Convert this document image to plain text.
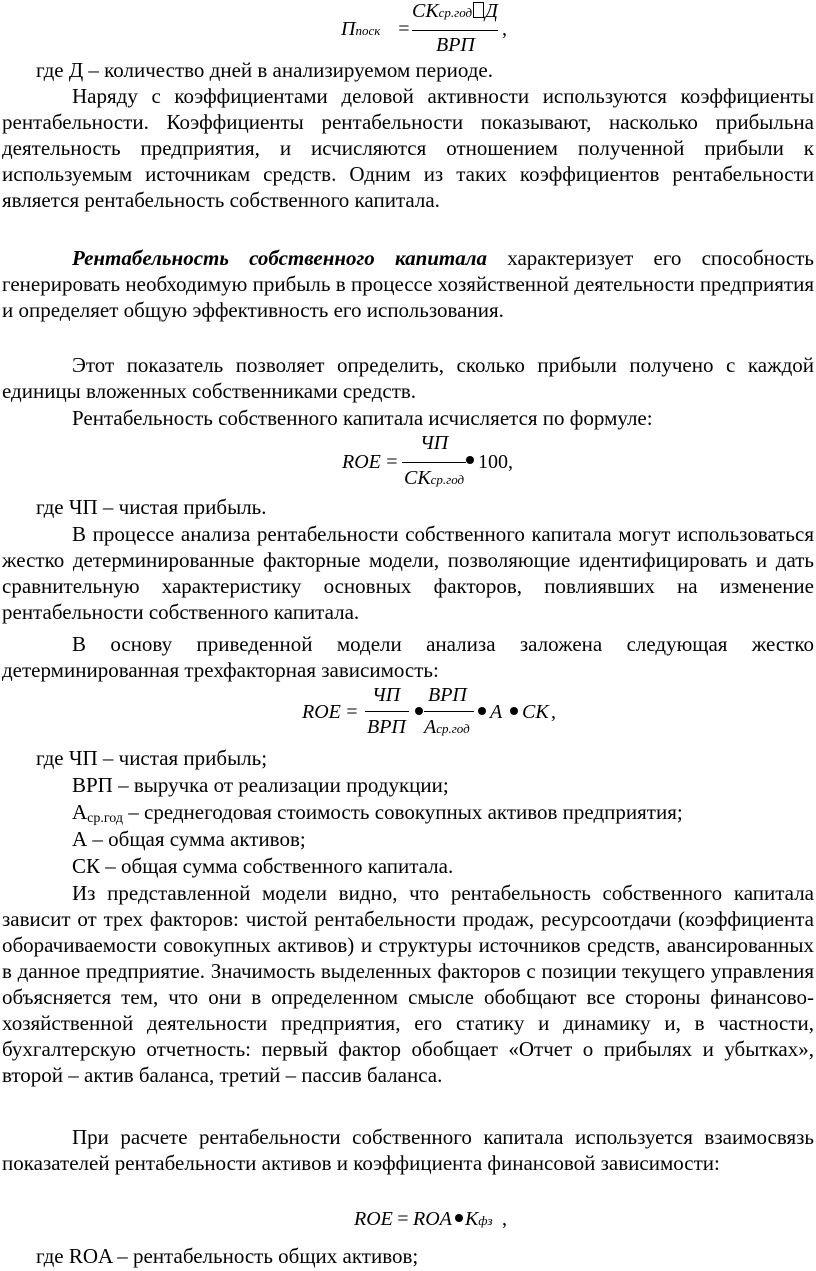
Ппоск =
СКср.год Д
ВРП
,
где Д – количество дней в анализируемом периоде.

Наряду с коэффициентами деловой активности используются коэффициенты рентабельности. Коэффициенты рентабельности показывают, насколько прибыльна деятельность предприятия, и исчисляются отношением полученной прибыли к используемым источникам средств. Одним из таких коэффициентов рентабельности является рентабельность собственного капитала.

Рентабельность собственного капитала характеризует его способность генерировать необходимую прибыль в процессе хозяйственной деятельности предприятия и определяет общую эффективность его использования.

Этот показатель позволяет определить, сколько прибыли получено с каждой единицы вложенных собственниками средств.

Рентабельность собственного капитала исчисляется по формуле:
ROE =
ЧП
СКср.год
100,
где ЧП – чистая прибыль.

В процессе анализа рентабельности собственного капитала могут использоваться жестко детерминированные факторные модели, позволяющие идентифицировать и дать сравнительную характеристику основных факторов, повлиявших на изменение рентабельности собственного капитала.

В основу приведенной модели анализа заложена следующая жестко детерминированная трехфакторная зависимость:

ROE =
ЧП
ВРП
ВРП
Aср.год
A СК ,
где ЧП – чистая прибыль;
ВРП – выручка от реализации продукции;
Аср.год – среднегодовая стоимость совокупных активов предприятия;
А – общая сумма активов;
СК – общая сумма собственного капитала.

Из представленной модели видно, что рентабельность собственного капитала зависит от трех факторов: чистой рентабельности продаж, ресурсоотдачи (коэффициента оборачиваемости совокупных активов) и структуры источников средств, авансированных в данное предприятие. Значимость выделенных факторов с позиции текущего управления объясняется тем, что они в определенном смысле обобщают все стороны финансово-хозяйственной деятельности предприятия, его статику и динамику и, в частности, бухгалтерскую отчетность: первый фактор обобщает «Отчет о прибылях и убытках», второй – актив баланса, третий – пассив баланса.

При расчете рентабельности собственного капитала используется взаимосвязь показателей рентабельности активов и коэффициента финансовой зависимости:

ROE = ROA Кфз ,
где ROA – рентабельность общих активов;
